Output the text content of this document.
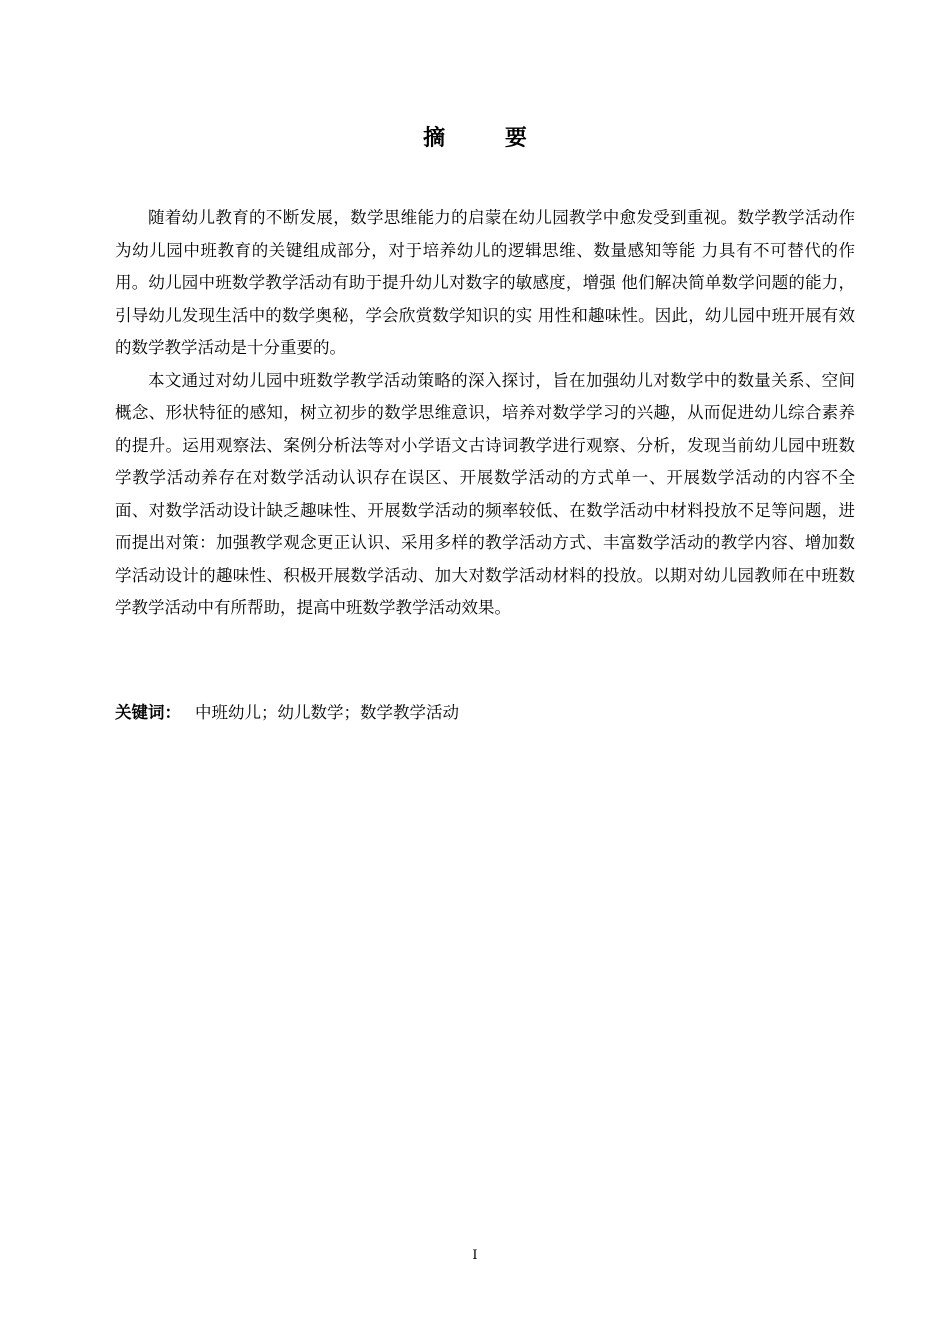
摘 要

随着幼儿教育的不断发展，数学思维能力的启蒙在幼儿园教学中愈发受到重视。数学教学活动作为幼儿园中班教育的关键组成部分，对于培养幼儿的逻辑思维、数量感知等能 力具有不可替代的作用。幼儿园中班数学教学活动有助于提升幼儿对数字的敏感度，增强 他们解决简单数学问题的能力，引导幼儿发现生活中的数学奥秘，学会欣赏数学知识的实 用性和趣味性。因此，幼儿园中班开展有效的数学教学活动是十分重要的。

本文通过对幼儿园中班数学教学活动策略的深入探讨，旨在加强幼儿对数学中的数量关系、空间概念、形状特征的感知，树立初步的数学思维意识，培养对数学学习的兴趣，从而促进幼儿综合素养的提升。运用观察法、案例分析法等对小学语文古诗词教学进行观察、分析，发现当前幼儿园中班数学教学活动养存在对数学活动认识存在误区、开展数学活动的方式单一、开展数学活动的内容不全面、对数学活动设计缺乏趣味性、开展数学活动的频率较低、在数学活动中材料投放不足等问题，进而提出对策：加强教学观念更正认识、采用多样的教学活动方式、丰富数学活动的教学内容、增加数学活动设计的趣味性、积极开展数学活动、加大对数学活动材料的投放。以期对幼儿园教师在中班数学教学活动中有所帮助，提高中班数学教学活动效果。

关键词： 中班幼儿；幼儿数学；数学教学活动
I
